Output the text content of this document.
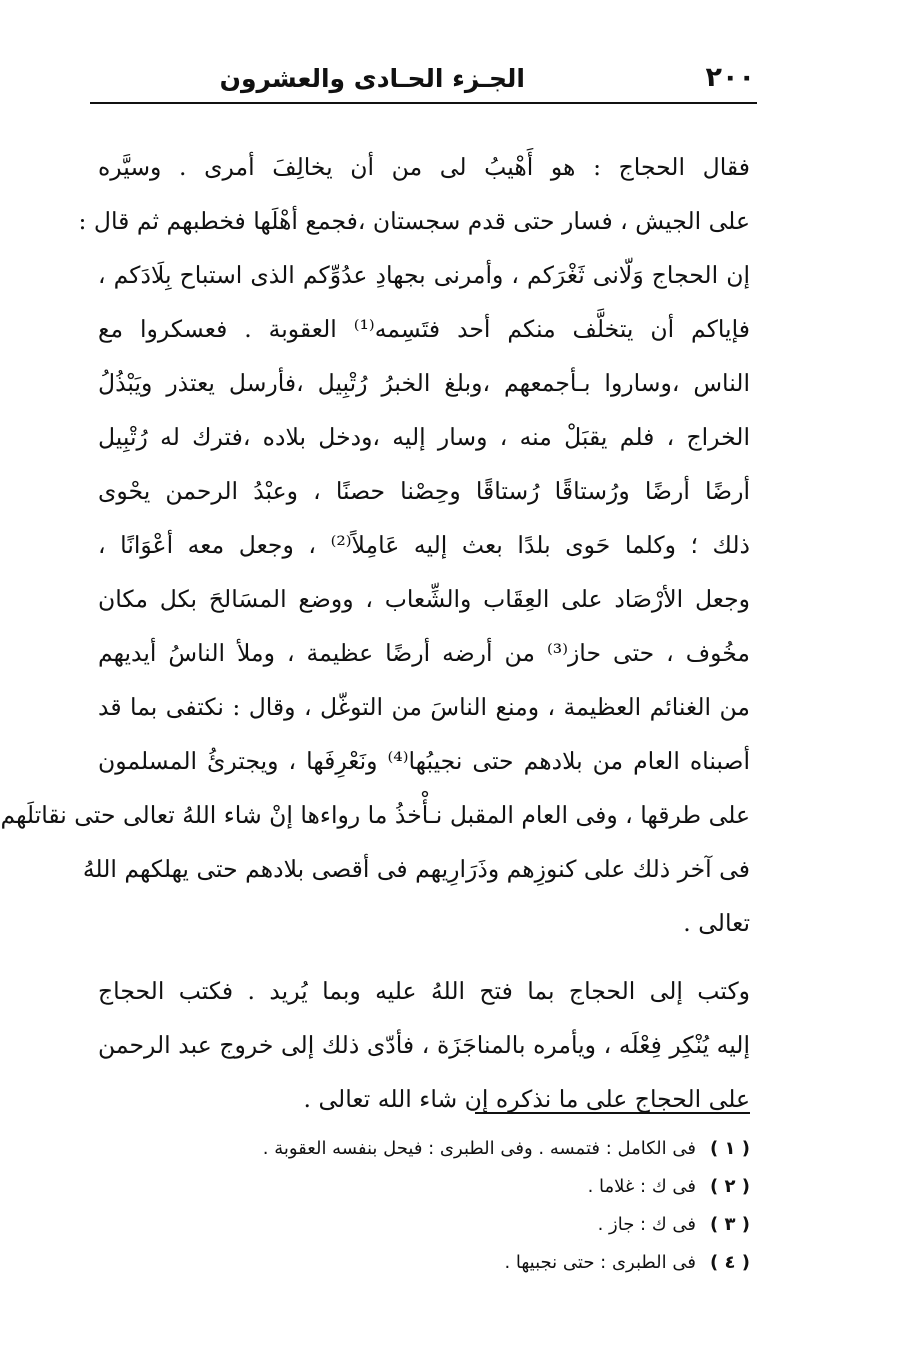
٢٠٠
الجـزء الحـادى والعشرون
فقال الحجاج : هو أَهْيبُ لى من أن يخالِفَ أمرى . وسيَّره
على الجيش ، فسار حتى قدم سجستان ،فجمع أهْلَها فخطبهم ثم قال :
إن الحجاج وَلّانى ثَغْرَكم ، وأمرنى بجهادِ عدُوِّكم الذى استباح بِلَادَكم ،
فإياكم أن يتخلَّف منكم أحد فتَسِمه⁽¹⁾ العقوبة . فعسكروا مع
الناس ،وساروا بـأجمعهم ،وبلغ الخبرُ رُتْبِيل ،فأرسل يعتذر ويَبْذُلُ
الخراج ، فلم يقبَلْ منه ، وسار إليه ،ودخل بلاده ،فترك له رُتْبِيل
أرضًا أرضًا ورُستاقًا رُستاقًا وحِصْنا حصنًا ، وعبْدُ الرحمن يحْوى
ذلك ؛ وكلما حَوى بلدًا بعث إليه عَامِلاً⁽²⁾ ، وجعل معه أعْوَانًا ،
وجعل الأرْصَاد على العِقَاب والشِّعاب ، ووضع المسَالحَ بكل مكان
مخُوف ، حتى حاز⁽³⁾ من أرضه أرضًا عظيمة ، وملأ الناسُ أيديهم
من الغنائم العظيمة ، ومنع الناسَ من التوغّل ، وقال : نكتفى بما قد
أصبناه العام من بلادهم حتى نجيبُها⁽⁴⁾ ونَعْرِفَها ، ويجترئُ المسلمون
على طرقها ، وفى العام المقبل نـأْخذُ ما رواءها إنْ شاء اللهُ تعالى حتى نقاتلَهم
فى آخر ذلك على كنوزِهم وذَرَارِيهم فى أقصى بلادهم حتى يهلكهم اللهُ
تعالى .
وكتب إلى الحجاج بما فتح اللهُ عليه وبما يُريد . فكتب الحجاج
إليه يُنْكِر فِعْلَه ، ويأمره بالمناجَزَة ، فأدّى ذلك إلى خروج عبد الرحمن
على الحجاج على ما نذكره إن شاء الله تعالى .
( ١ )فى الكامل : فتمسه . وفى الطبرى : فيحل بنفسه العقوبة .
( ٢ )فى ك : غلاما .
( ٣ )فى ك : جاز .
( ٤ )فى الطبرى : حتى نجبيها .
